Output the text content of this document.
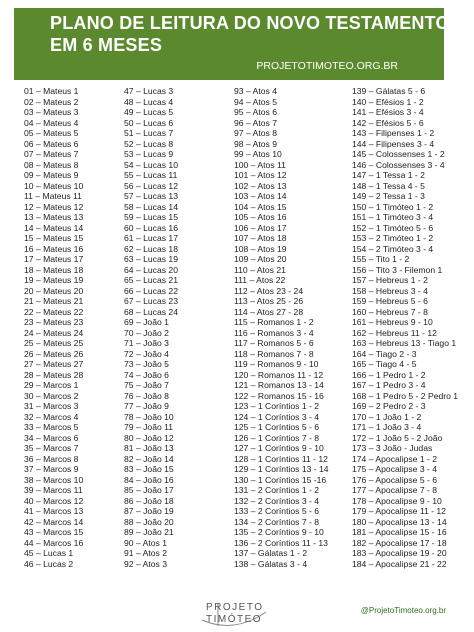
PLANO DE LEITURA DO NOVO TESTAMENTO
EM 6 MESES
PROJETOTIMOTEO.ORG.BR
01 – Mateus 1
02 – Mateus 2
03 – Mateus 3
04 – Mateus 4
05 – Mateus 5
06 – Mateus 6
07 – Mateus 7
08 – Mateus 8
09 – Mateus 9
10 – Mateus 10
11 – Mateus 11
12 – Mateus 12
13 – Mateus 13
14 – Mateus 14
15 – Mateus 15
16 – Mateus 16
17 – Mateus 17
18 – Mateus 18
19 – Mateus 19
20 – Mateus 20
21 – Mateus 21
22 – Mateus 22
23 – Mateus 23
24 – Mateus 24
25 – Mateus 25
26 – Mateus 26
27 – Mateus 27
28 – Mateus 28
29 – Marcos 1
30 – Marcos 2
31 – Marcos 3
32 – Marcos 4
33 – Marcos 5
34 – Marcos 6
35 – Marcos 7
36 – Marcos 8
37 – Marcos 9
38 – Marcos 10
39 – Marcos 11
40 – Marcos 12
41 – Marcos 13
42 – Marcos 14
43 – Marcos 15
44 – Marcos 16
45 – Lucas 1
46 – Lucas 2
47 – Lucas 3
48 – Lucas 4
49 – Lucas 5
50 – Lucas 6
51 – Lucas 7
52 – Lucas 8
53 – Lucas 9
54 – Lucas 10
55 – Lucas 11
56 – Lucas 12
57 – Lucas 13
58 – Lucas 14
59 – Lucas 15
60 – Lucas 16
61 – Lucas 17
62 – Lucas 18
63 – Lucas 19
64 – Lucas 20
65 – Lucas 21
66 – Lucas 22
67 – Lucas 23
68 – Lucas 24
69 – João 1
70 – João 2
71 – João 3
72 – João 4
73 – João 5
74 – João 6
75 – João 7
76 – João 8
77 – João 9
78 – João 10
79 – João 11
80 – João 12
81 – João 13
82 – João 14
83 – João 15
84 – João 16
85 – João 17
86 – João 18
87 – João 19
88 – João 20
89 – João 21
90 – Atos 1
91 – Atos 2
92 – Atos 3
93 – Atos 4
94 – Atos 5
95 – Atos 6
96 – Atos 7
97 – Atos 8
98 – Atos 9
99 – Atos 10
100 – Atos 11
101 – Atos 12
102 – Atos 13
103 – Atos 14
104 – Atos 15
105 – Atos 16
106 – Atos 17
107 – Atos 18
108 – Atos 19
109 – Atos 20
110 – Atos 21
111 – Atos 22
112 – Atos 23 - 24
113 – Atos 25 - 26
114 – Atos 27 - 28
115 – Romanos 1 - 2
116 – Romanos 3 - 4
117 – Romanos 5 - 6
118 – Romanos 7 - 8
119 – Romanos 9 - 10
120 – Romanos 11 - 12
121 – Romanos 13 - 14
122 – Romanos 15 - 16
123 – 1 Coríntios 1 - 2
124 – 1 Coríntios 3 - 4
125 – 1 Coríntios 5 - 6
126 – 1 Coríntios 7 - 8
127 – 1 Coríntios 9 - 10
128 – 1 Coríntios 11 - 12
129 – 1 Coríntios 13 - 14
130 – 1 Coríntios 15 -16
131 – 2 Coríntios 1 - 2
132 – 2 Coríntios 3 - 4
133 – 2 Coríntios 5 - 6
134 – 2 Coríntios 7 - 8
135 – 2 Coríntios 9 - 10
136 – 2 Coríntios 11 - 13
137 – Gálatas 1 - 2
138 – Gálatas 3 - 4
139 – Gálatas 5 - 6
140 – Efésios 1 - 2
141 – Efésios 3 - 4
142 – Efésios 5 - 6
143 – Filipenses 1 - 2
144 – Filipenses 3 - 4
145 – Colossenses 1 - 2
146 – Colossenses 3 - 4
147 – 1 Tessa 1 - 2
148 – 1 Tessa 4 - 5
149 – 2 Tessa 1 - 3
150 – 1 Timóteo 1 - 2
151 – 1 Timóteo 3 - 4
152 – 1 Timóteo 5 - 6
153 – 2 Timóteo 1 - 2
154 – 2 Timóteo 3 - 4
155 – Tito 1 - 2
156 – Tito 3 - Filemon 1
157 – Hebreus 1 - 2
158 – Hebreus 3 - 4
159 – Hebreus 5 - 6
160 – Hebreus 7 - 8
161 – Hebreus 9 - 10
162 – Hebreus 11 - 12
163 – Hebreus 13 - Tiago 1
164 – Tiago 2 - 3
165 – Tiago 4 - 5
166 – 1 Pedro 1 - 2
167 – 1 Pedro 3 - 4
168 – 1 Pedro 5 - 2 Pedro 1
169 – 2 Pedro 2 - 3
170 – 1 João 1 - 2
171 – 1 João 3 - 4
172 – 1 João 5 - 2 João
173 – 3 João - Judas
174 – Apocalipse 1 - 2
175 – Apocalipse 3 - 4
176 – Apocalipse 5 - 6
177 – Apocalipse 7 - 8
178 – Apocalipse 9 - 10
179 – Apocalipse 11 - 12
180 – Apocalipse 13 - 14
181 – Apocalipse 15 - 16
182 – Apocalipse 17 - 18
183 – Apocalipse 19 - 20
184 – Apocalipse 21 - 22
PROJETO
TIMÓTEO
@ProjetoTimoteo.org.br
